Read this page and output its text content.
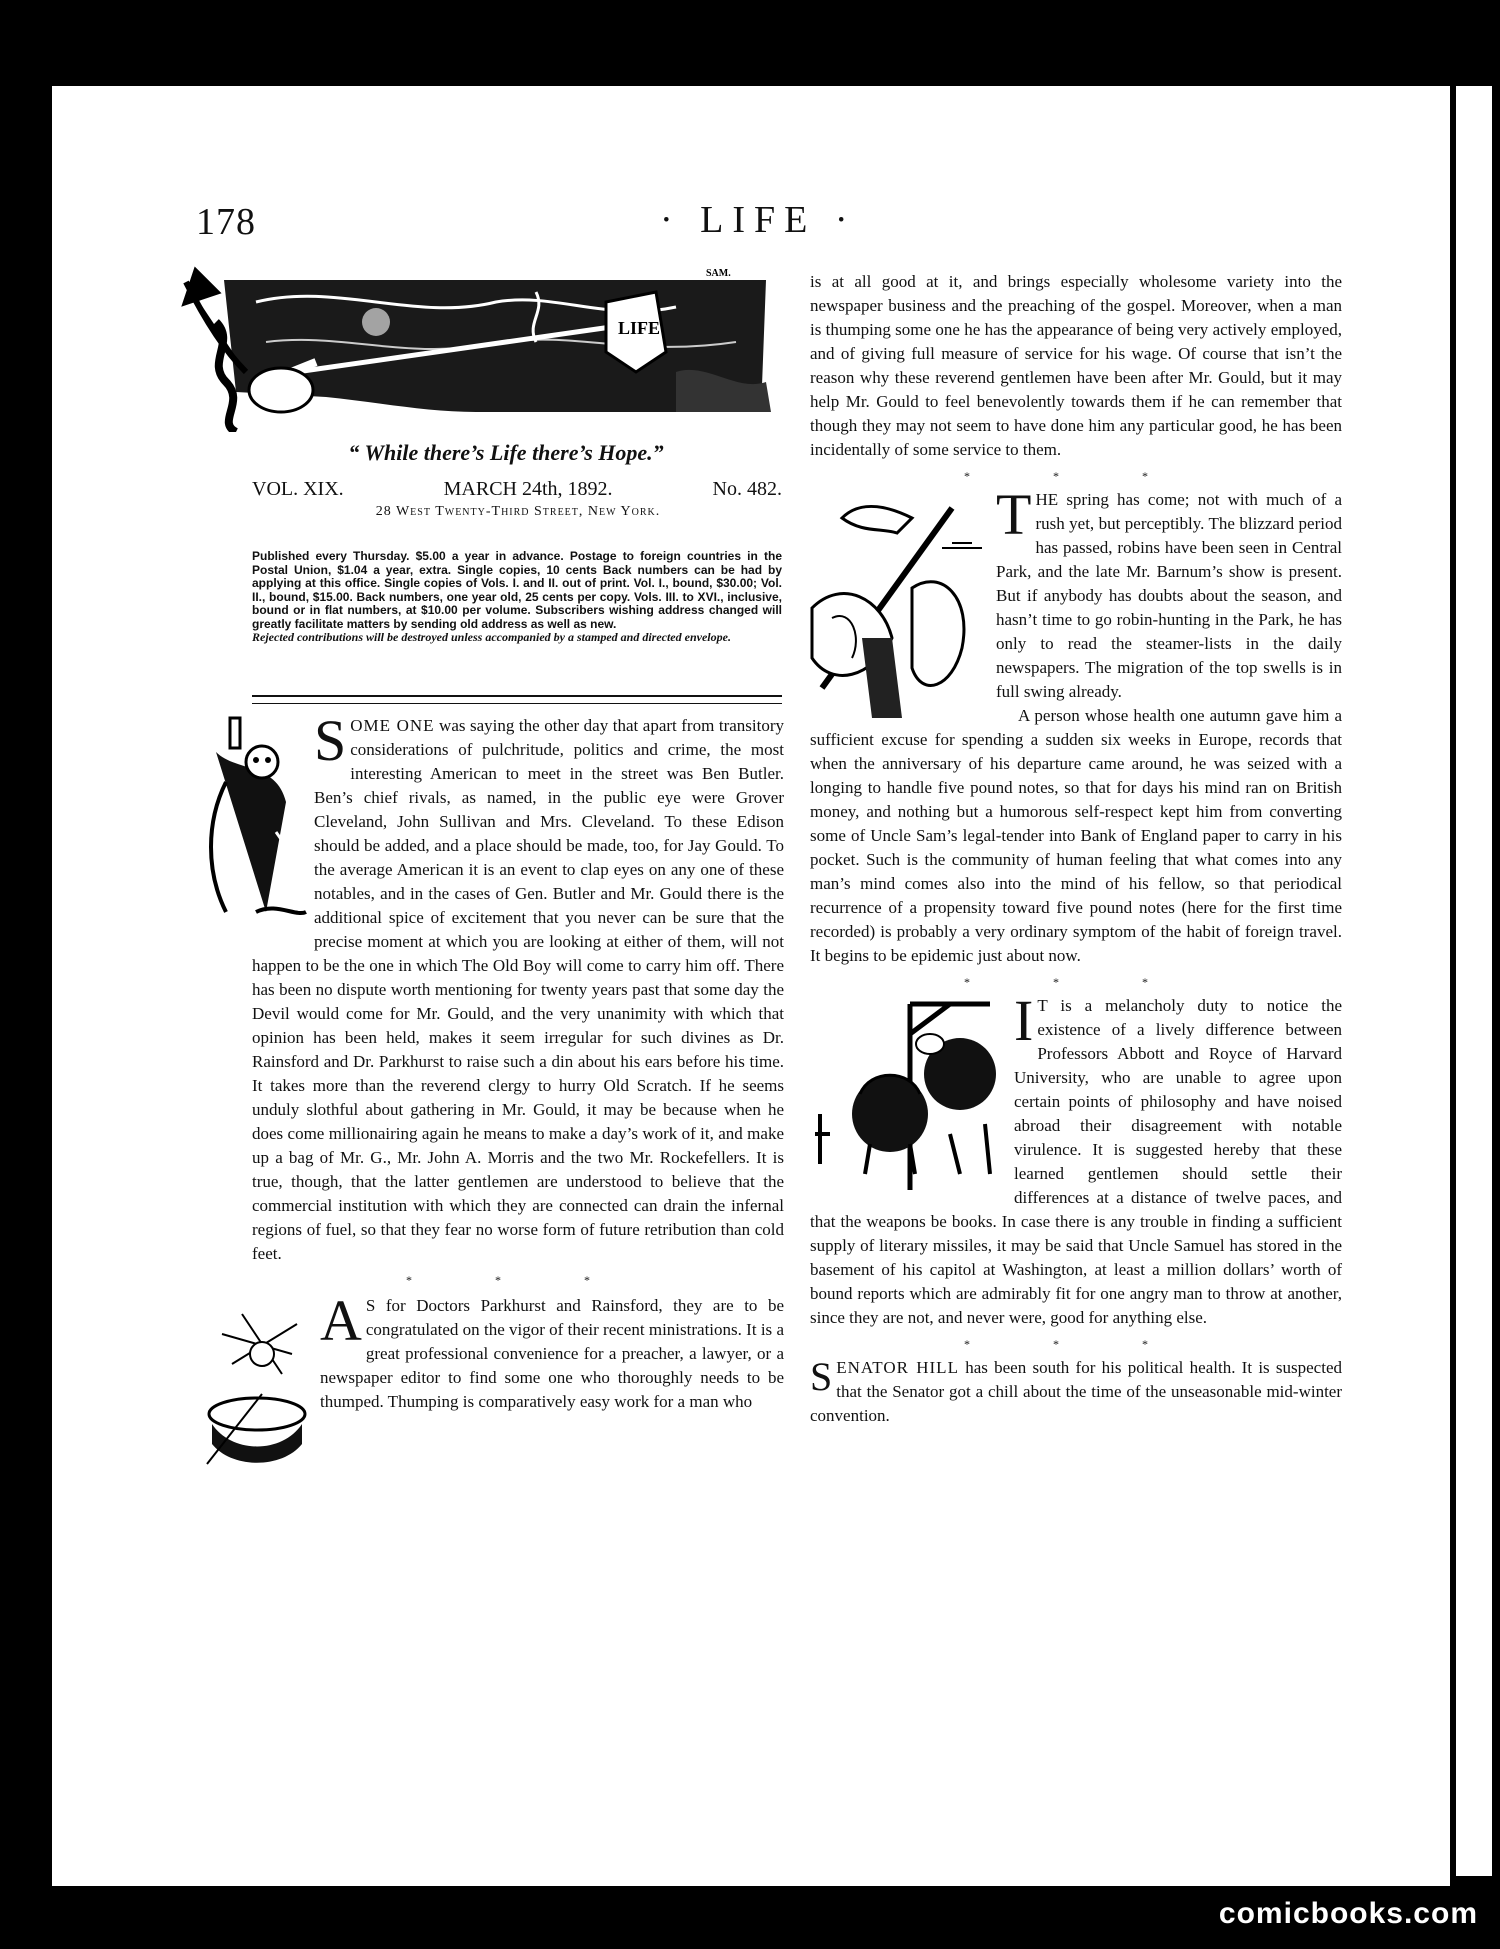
178	· LIFE ·
LIFE
SAM.
“ While there’s Life there’s Hope.”
VOL. XIX.	MARCH 24th, 1892.	No. 482.
28 West Twenty-Third Street, New York.
Published every Thursday. $5.00 a year in advance. Postage to foreign countries in the Postal Union, $1.04 a year, extra. Single copies, 10 cents Back numbers can be had by applying at this office. Single copies of Vols. I. and II. out of print. Vol. I., bound, $30.00; Vol. II., bound, $15.00. Back numbers, one year old, 25 cents per copy. Vols. III. to XVI., inclusive, bound or in flat numbers, at $10.00 per volume. Subscribers wishing address changed will greatly facilitate matters by sending old address as well as new.
Rejected contributions will be destroyed unless accompanied by a stamped and directed envelope.

SOME ONE was saying the other day that apart from transitory considerations of pulchritude, politics and crime, the most interesting American to meet in the street was Ben Butler. Ben’s chief rivals, as named, in the public eye were Grover Cleveland, John Sullivan and Mrs. Cleveland. To these Edison should be added, and a place should be made, too, for Jay Gould. To the average American it is an event to clap eyes on any one of these notables, and in the cases of Gen. Butler and Mr. Gould there is the additional spice of excitement that you never can be sure that the precise moment at which you are looking at either of them, will not happen to be the one in which The Old Boy will come to carry him off. There has been no dispute worth mentioning for twenty years past that some day the Devil would come for Mr. Gould, and the very unanimity with which that opinion has been held, makes it seem irregular for such divines as Dr. Rainsford and Dr. Parkhurst to raise such a din about his ears before his time. It takes more than the reverend clergy to hurry Old Scratch. If he seems unduly slothful about gathering in Mr. Gould, it may be because when he does come millionairing again he means to make a day’s work of it, and make up a bag of Mr. G., Mr. John A. Morris and the two Mr. Rockefellers. It is true, though, that the latter gentlemen are understood to believe that the commercial institution with which they are connected can drain the infernal regions of fuel, so that they fear no worse form of future retribution than cold feet.

* * *

A S for Doctors Parkhurst and Rainsford, they are to be congratulated on the vigor of their recent ministrations. It is a great professional convenience for a preacher, a lawyer, or a newspaper editor to find some one who thoroughly needs to be thumped. Thumping is comparatively easy work for a man who

is at all good at it, and brings especially wholesome variety into the newspaper business and the preaching of the gospel. Moreover, when a man is thumping some one he has the appearance of being very actively employed, and of giving full measure of service for his wage. Of course that isn’t the reason why these reverend gentlemen have been after Mr. Gould, but it may help Mr. Gould to feel benevolently towards them if he can remember that though they may not seem to have done him any particular good, he has been incidentally of some service to them.

* * *

THE spring has come; not with much of a rush yet, but perceptibly. The blizzard period has passed, robins have been seen in Central Park, and the late Mr. Barnum’s show is present. But if anybody has doubts about the season, and hasn’t time to go robin-hunting in the Park, he has only to read the steamer-lists in the daily newspapers. The migration of the top swells is in full swing already.

A person whose health one autumn gave him a sufficient excuse for spending a sudden six weeks in Europe, records that when the anniversary of his departure came around, he was seized with a longing to handle five pound notes, so that for days his mind ran on British money, and nothing but a humorous self-respect kept him from converting some of Uncle Sam’s legal-tender into Bank of England paper to carry in his pocket. Such is the community of human feeling that what comes into any man’s mind comes also into the mind of his fellow, so that periodical recurrence of a propensity toward five pound notes (here for the first time recorded) is probably a very ordinary symptom of the habit of foreign travel. It begins to be epidemic just about now.

* * *

I T is a melancholy duty to notice the existence of a lively difference between Professors Abbott and Royce of Harvard University, who are unable to agree upon certain points of philosophy and have noised abroad their disagreement with notable virulence. It is suggested hereby that these learned gentlemen should settle their differences at a distance of twelve paces, and that the weapons be books. In case there is any trouble in finding a sufficient supply of literary missiles, it may be said that Uncle Samuel has stored in the basement of his capitol at Washington, at least a million dollars’ worth of bound reports which are admirably fit for one angry man to throw at another, since they are not, and never were, good for anything else.

* * *

SENATOR HILL has been south for his political health. It is suspected that the Senator got a chill about the time of the unseasonable mid-winter convention.

comicbooks.com
